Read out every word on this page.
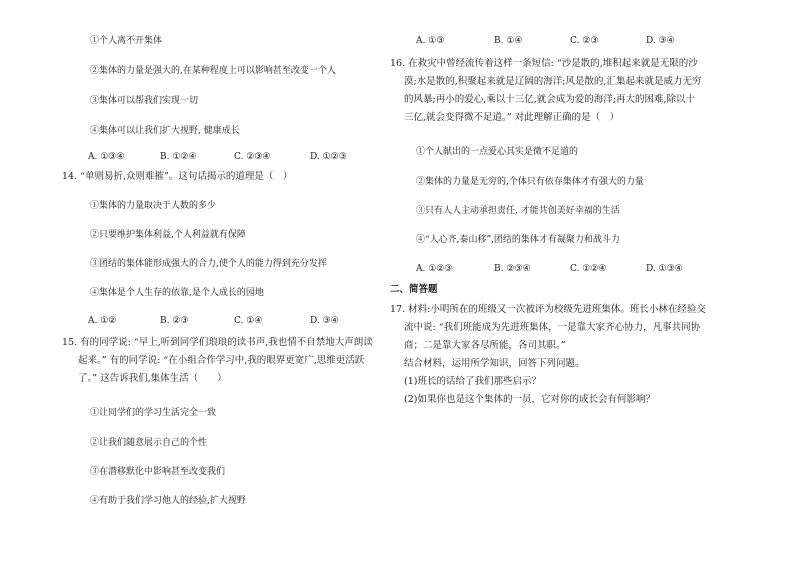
①个人离不开集体
②集体的力量是强大的,在某种程度上可以影响甚至改变一个人
③集体可以帮我们实现一切
④集体可以让我们扩大视野, 健康成长
A. ①③④	B. ①②④	C. ②③④	D. ①②③
14. “单则易折,众则难摧”。这句话揭示的道理是（　）
①集体的力量取决于人数的多少
②只要维护集体利益,个人利益就有保障
③团结的集体能形成强大的合力,使个人的能力得到充分发挥
④集体是个人生存的依靠,是个人成长的园地
A. ①②	B. ②③	C. ①④	D. ③④
15. 有的同学说: “早上,听到同学们琅琅的读书声,我也情不自禁地大声朗读
起来。” 有的同学说: “在小组合作学习中,我的眼界更宽广,思维更活跃
了。” 这告诉我们,集体生活（　　）
①让同学们的学习生活完全一致
②让我们随意展示自己的个性
③在潜移默化中影响甚至改变我们
④有助于我们学习他人的经验,扩大视野
A. ①③	B. ①④	C. ②③	D. ③④
16. 在救灾中曾经流传着这样一条短信: “沙是散的,堆积起来就是无限的沙
漠;水是散的,积聚起来就是辽阔的海洋;风是散的,汇集起来就是威力无穷
的风暴;再小的爱心,乘以十三亿,就会成为爱的海洋;再大的困难,除以十
三亿,就会变得微不足道。” 对此理解正确的是（　）
①个人献出的一点爱心其实是微不足道的
②集体的力量是无穷的,个体只有依存集体才有强大的力量
③只有人人主动承担责任, 才能共创美好幸福的生活
④“人心齐,泰山移”,团结的集体才有凝聚力和战斗力
A. ①②③	B. ②③④	C. ①②④	D. ①③④
二、简答题
17. 材料:小明所在的班级又一次被评为校级先进班集体。班长小林在经验交
流中说: “我们班能成为先进班集体，一是靠大家齐心协力，凡事共同协
商；二是靠大家各尽所能，各司其职。”
结合材料，运用所学知识，回答下列问题。
(1)班长的话给了我们那些启示？
(2)如果你也是这个集体的一员，它对你的成长会有何影响？
